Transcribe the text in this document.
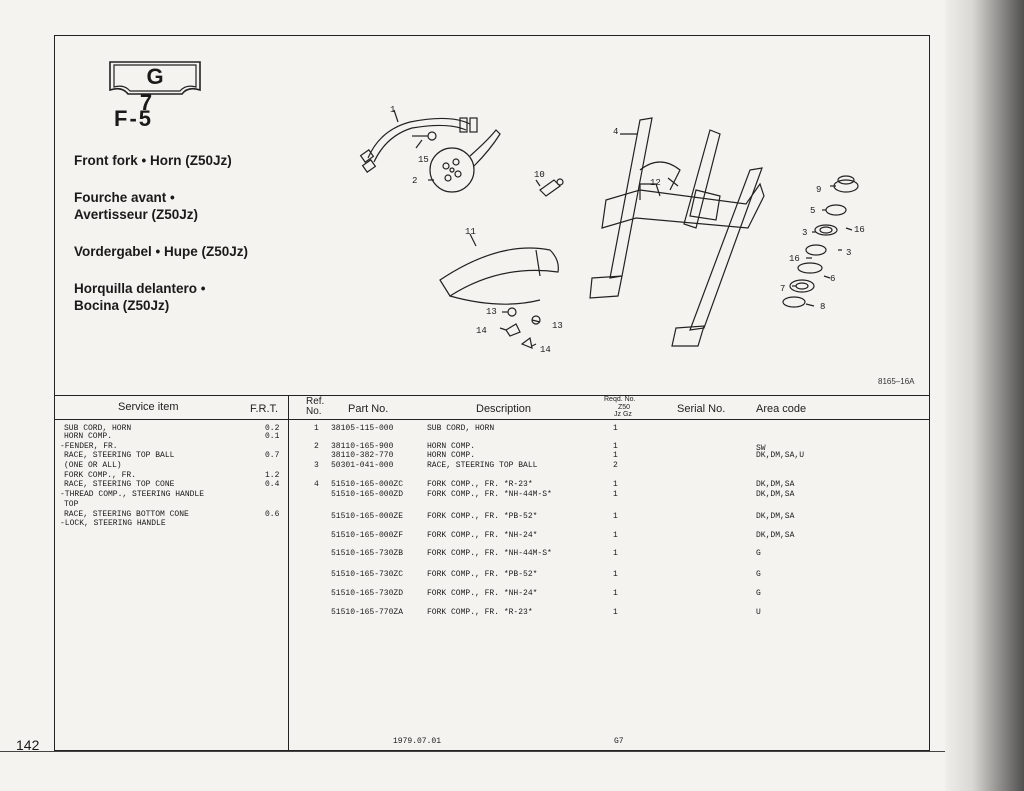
G 7
F-5
Front fork • Horn (Z50Jz)
Fourche avant •
Avertisseur (Z50Jz)
Vordergabel • Hupe (Z50Jz)
Horquilla delantero •
Bocina (Z50Jz)
1
15
2
10
11
4
12
9
5
16
3
3
16
6
7
8
13
13
14
14
8165–16A
Service item	F.R.T.
Ref.
No. Part No.	Description
Reqd. No.
Z50
Jz Gz	Serial No.	Area code
SUB CORD, HORN	0.2
HORN COMP.	0.1
-FENDER, FR.
RACE, STEERING TOP BALL	0.7
(ONE OR ALL)
FORK COMP., FR.	1.2
RACE, STEERING TOP CONE	0.4
-THREAD COMP., STEERING HANDLE
TOP
RACE, STEERING BOTTOM CONE	0.6
-LOCK, STEERING HANDLE
1 38105-115-000	SUB CORD, HORN	1
2 38110-165-900	HORN COMP.	1	SW
38110-382-770	HORN COMP.	1	DK,DM,SA,U
3 50301-041-000	RACE, STEERING TOP BALL	2
4 51510-165-000ZC	FORK COMP., FR. *R-23*	1	DK,DM,SA
51510-165-000ZD	FORK COMP., FR. *NH-44M-S*	1	DK,DM,SA
51510-165-000ZE	FORK COMP., FR. *PB-52*	1	DK,DM,SA
51510-165-000ZF	FORK COMP., FR. *NH-24*	1	DK,DM,SA
51510-165-730ZB	FORK COMP., FR. *NH-44M-S*	1	G
51510-165-730ZC	FORK COMP., FR. *PB-52*	1	G
51510-165-730ZD	FORK COMP., FR. *NH-24*	1	G
51510-165-770ZA	FORK COMP., FR. *R-23*	1	U
1979.07.01	G7
142
